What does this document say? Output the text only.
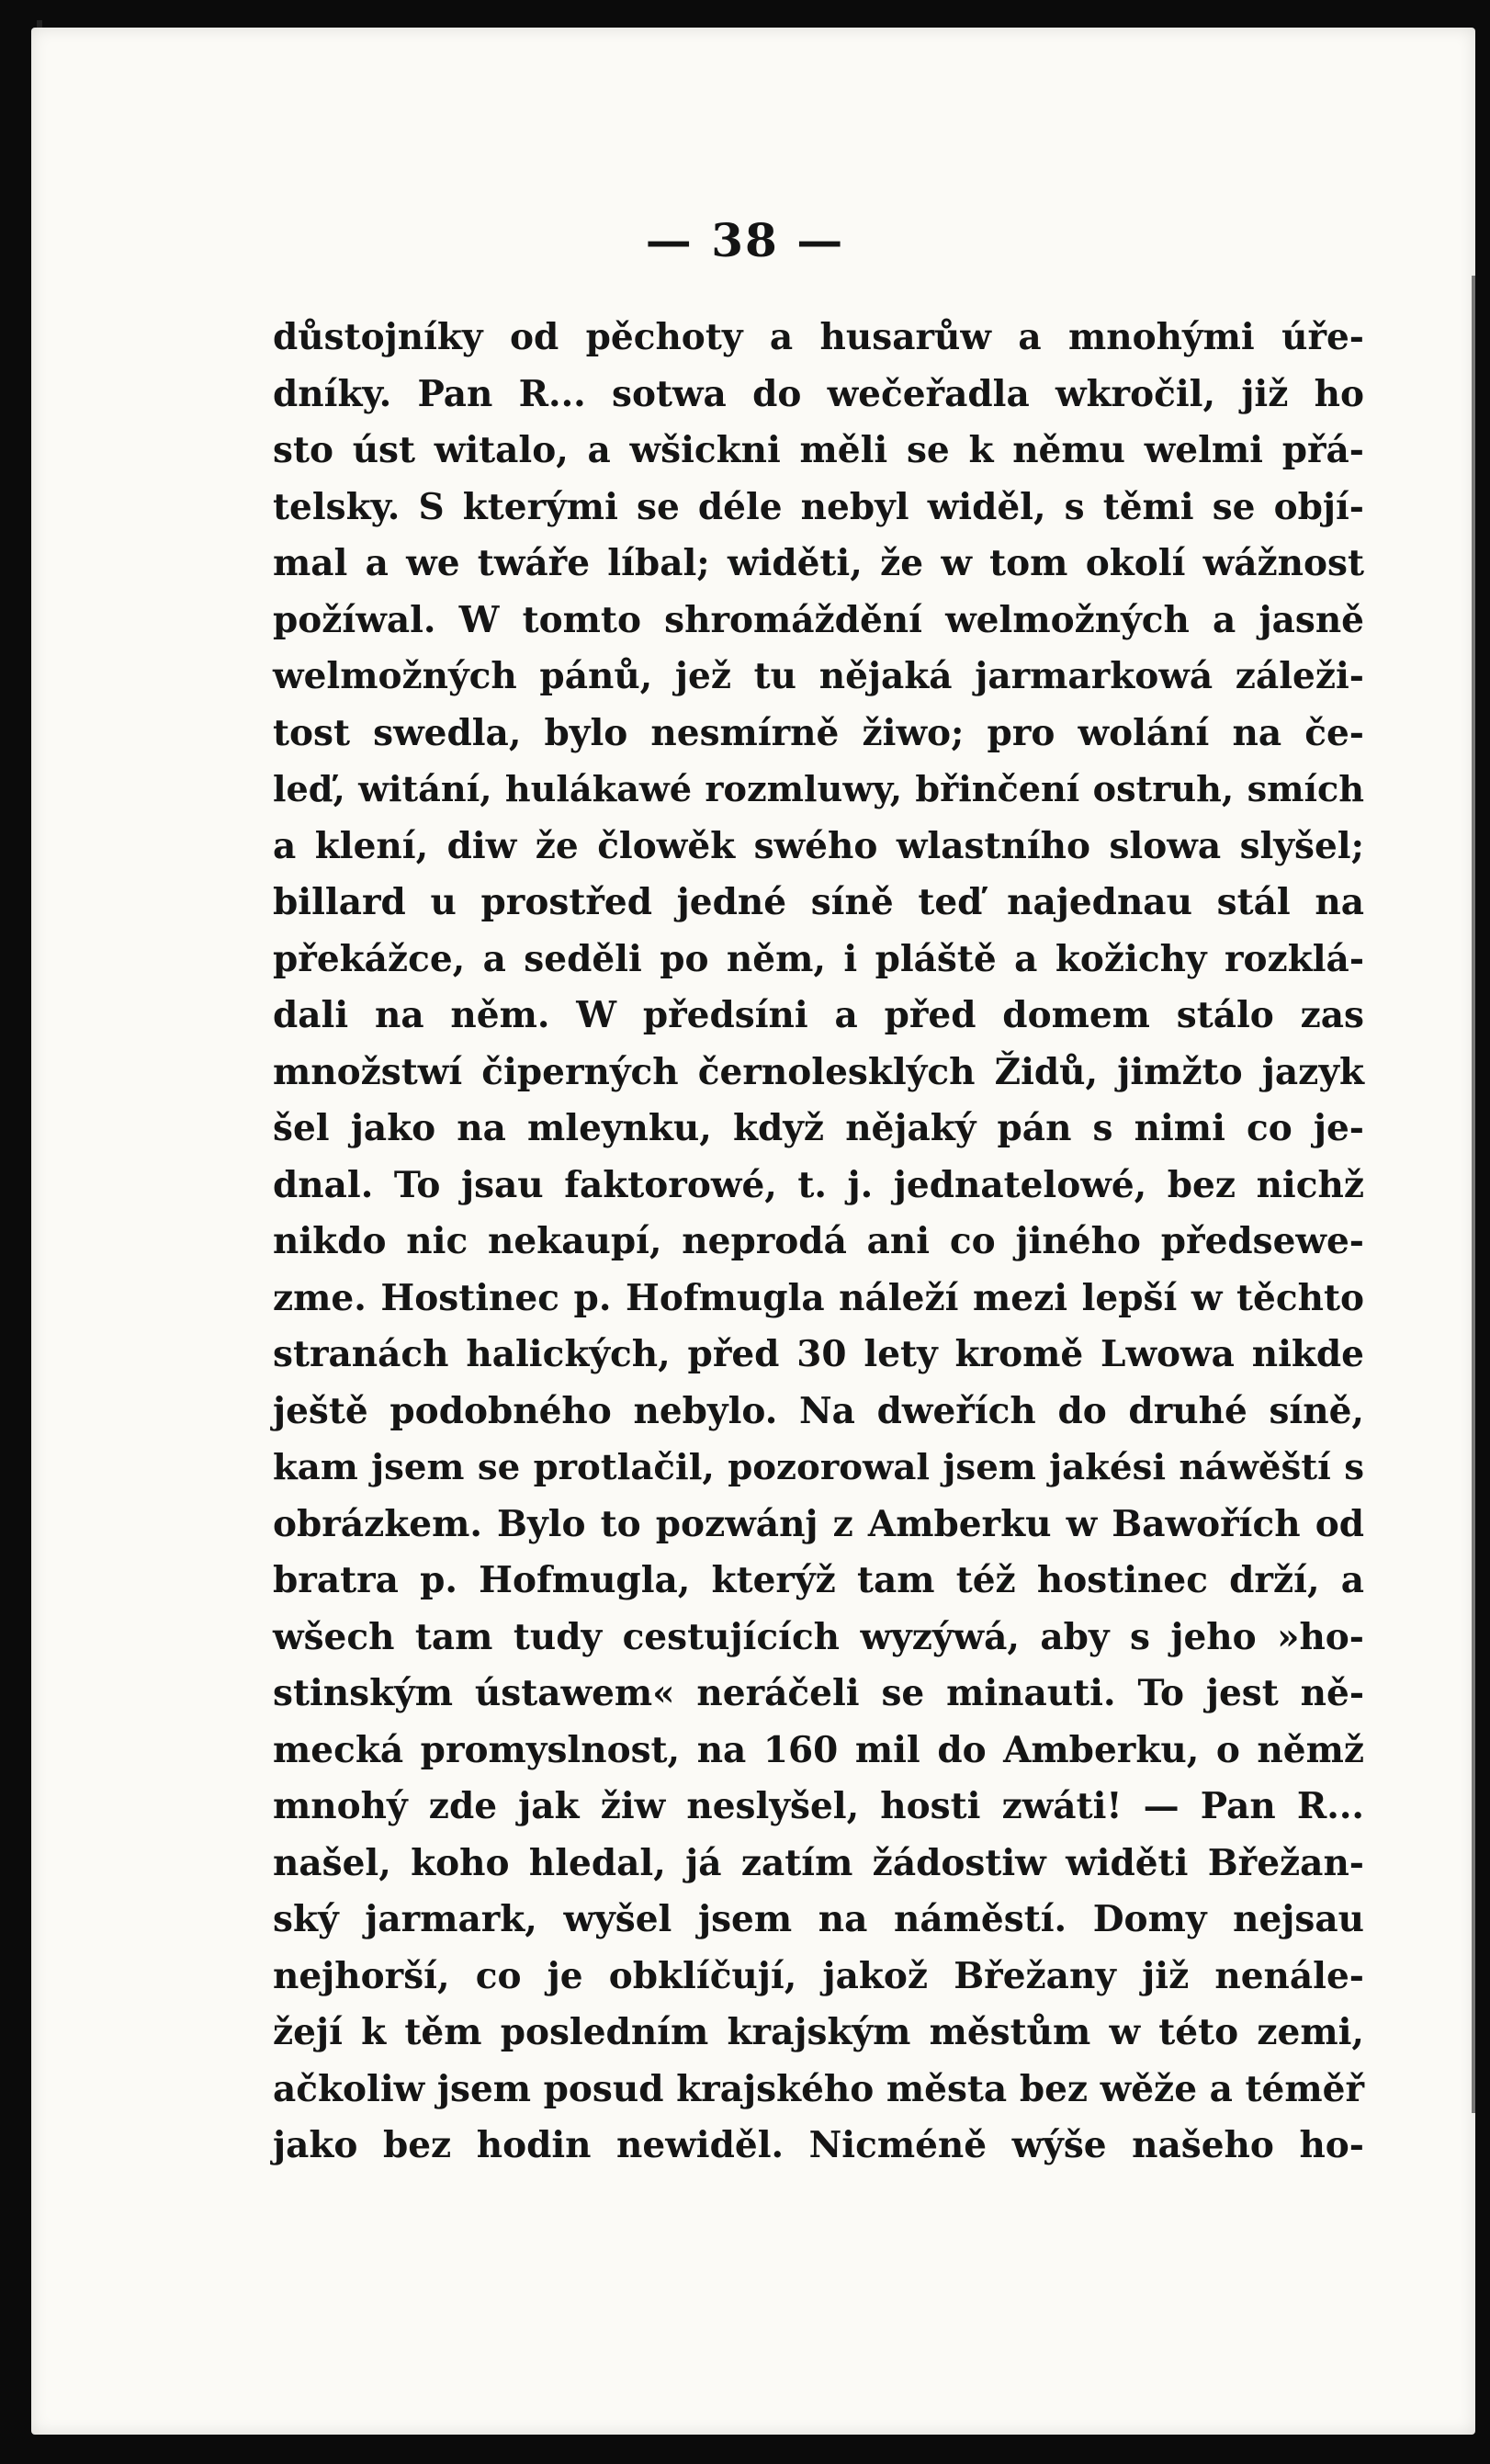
— 38 —

důstojníky od pěchoty a husarůw a mnohými úře-
dníky. Pan R... sotwa do wečeřadla wkročil, již ho
sto úst witalo, a wšickni měli se k němu welmi přá-
telsky. S kterými se déle nebyl widěl, s těmi se objí-
mal a we twáře líbal; widěti, že w tom okolí wážnost
požíwal. W tomto shromáždění welmožných a jasně
welmožných pánů, jež tu nějaká jarmarkowá záleži-
tost swedla, bylo nesmírně žiwo; pro wolání na če-
leď, witání, hulákawé rozmluwy, břinčení ostruh, smích
a klení, diw že člowěk swého wlastního slowa slyšel;
billard u prostřed jedné síně teď najednau stál na
překážce, a seděli po něm, i pláště a kožichy rozklá-
dali na něm. W předsíni a před domem stálo zas
množstwí čiperných černolesklých Židů, jimžto jazyk
šel jako na mleynku, když nějaký pán s nimi co je-
dnal. To jsau faktorowé, t. j. jednatelowé, bez nichž
nikdo nic nekaupí, neprodá ani co jiného předsewe-
zme. Hostinec p. Hofmugla náleží mezi lepší w těchto
stranách halických, před 30 lety kromě Lwowa nikde
ještě podobného nebylo. Na dweřích do druhé síně,
kam jsem se protlačil, pozorowal jsem jakési náwěští s
obrázkem. Bylo to pozwánj z Amberku w Bawořích od
bratra p. Hofmugla, kterýž tam též hostinec drží, a
wšech tam tudy cestujících wyzýwá, aby s jeho »ho-
stinským ústawem« neráčeli se minauti. To jest ně-
mecká promyslnost, na 160 mil do Amberku, o němž
mnohý zde jak žiw neslyšel, hosti zwáti! — Pan R...
našel, koho hledal, já zatím žádostiw widěti Břežan-
ský jarmark, wyšel jsem na náměstí. Domy nejsau
nejhorší, co je obklíčují, jakož Břežany již nenále-
žejí k těm posledním krajským městům w této zemi,
ačkoliw jsem posud krajského města bez wěže a téměř
jako bez hodin newiděl. Nicméně wýše našeho ho-
